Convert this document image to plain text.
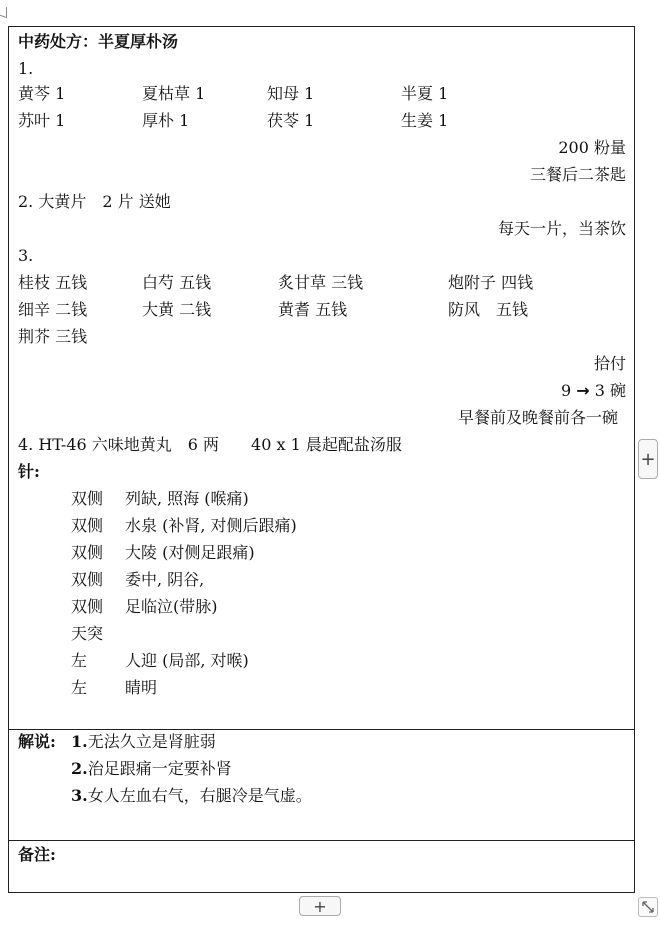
中药处方：半夏厚朴汤
1.
黄芩 1	夏枯草 1	知母 1	半夏 1
苏叶 1	厚朴 1	茯苓 1	生姜 1
200 粉量
三餐后二茶匙
2. 大黄片　2 片 送她
每天一片，当茶饮
3.
桂枝 五钱	白芍 五钱	炙甘草 三钱	炮附子 四钱
细辛 二钱	大黄 二钱	黄耆 五钱	防风　五钱
荆芥 三钱
拾付
9 → 3 碗
早餐前及晚餐前各一碗
4. HT-46 六味地黄丸　6 两　　40 x 1 晨起配盐汤服
针:
双侧 列缺, 照海 (喉痛)
双侧 水泉 (补肾, 对侧后跟痛)
双侧 大陵 (对侧足跟痛)
双侧 委中, 阴谷,
双侧 足临泣(带脉)
天突
左 人迎 (局部, 对喉)
左 睛明
解说: 1.无法久立是肾脏弱
2.治足跟痛一定要补肾
3.女人左血右气，右腿冷是气虚。
备注:
+
+
